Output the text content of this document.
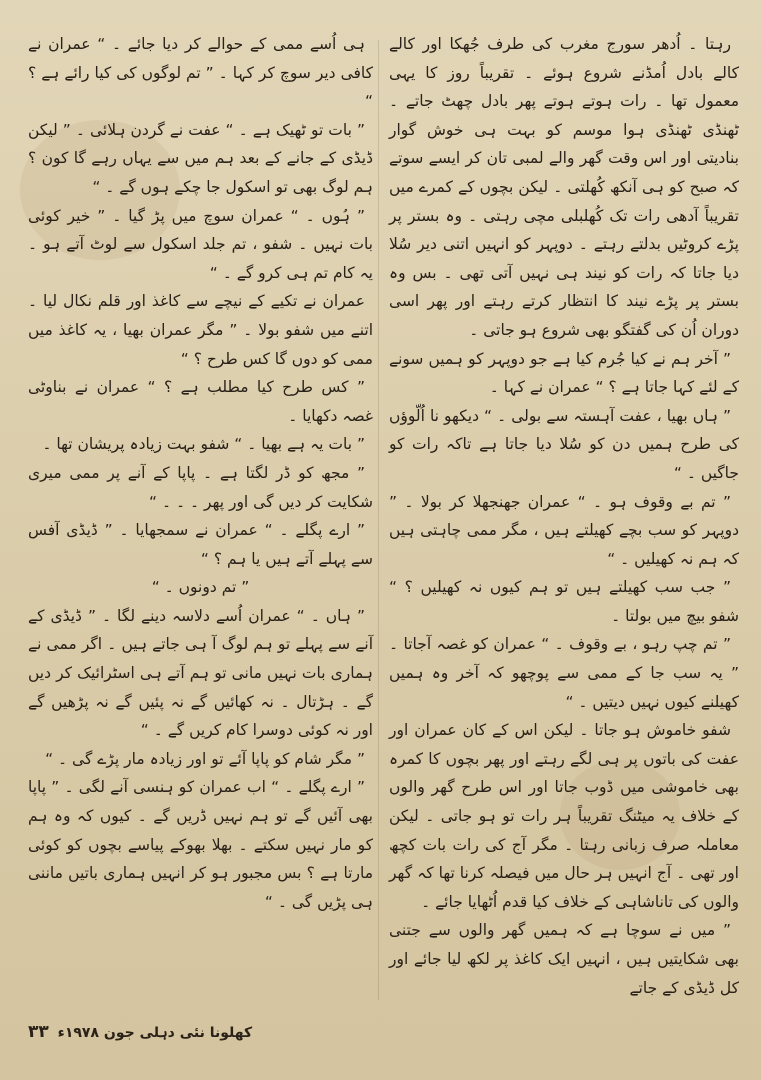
رہتا ۔ اُدھر سورج مغرب کی طرف جُھکا اور کالے کالے بادل اُمڈنے شروع ہوئے ۔ تقریباً روز کا یہی معمول تھا ۔ رات ہوتے ہوتے پھر بادل چھٹ جاتے ۔ ٹھنڈی ٹھنڈی ہوا موسم کو بہت ہی خوش گوار بنادیتی اور اس وقت گھر والے لمبی تان کر ایسے سوتے کہ صبح کو ہی آنکھ کُھلتی ۔ لیکن بچوں کے کمرے میں تقریباً آدھی رات تک کُھلبلی مچی رہتی ۔ وہ بستر پر پڑے کروٹیں بدلتے رہتے ۔ دوپہر کو انہیں اتنی دیر سُلا دیا جاتا کہ رات کو نیند ہی نہیں آتی تھی ۔ بس وہ بستر پر پڑے نیند کا انتظار کرتے رہتے اور پھر اسی دوران اُن کی گفتگو بھی شروع ہو جاتی ۔

” آخر ہم نے کیا جُرم کیا ہے جو دوپہر کو ہمیں سونے کے لئے کہا جاتا ہے ؟ “ عمران نے کہا ۔

” ہاں بھیا ، عفت آہستہ سے بولی ۔ “ دیکھو نا اُلّوؤں کی طرح ہمیں دن کو سُلا دیا جاتا ہے تاکہ رات کو جاگیں ۔ “

” تم بے وقوف ہو ۔ “ عمران جھنجھلا کر بولا ۔ ” دوپہر کو سب بچے کھیلتے ہیں ، مگر ممی چاہتی ہیں کہ ہم نہ کھیلیں ۔ “

” جب سب کھیلتے ہیں تو ہم کیوں نہ کھیلیں ؟ “ شفو بیچ میں بولتا ۔

” تم چپ رہو ، بے وقوف ۔ “ عمران کو غصہ آجاتا ۔ ” یہ سب جا کے ممی سے پوچھو کہ آخر وہ ہمیں کھیلنے کیوں نہیں دیتیں ۔ “

شفو خاموش ہو جاتا ۔ لیکن اس کے کان عمران اور عفت کی باتوں پر ہی لگے رہتے اور پھر بچوں کا کمرہ بھی خاموشی میں ڈوب جاتا اور اس طرح گھر والوں کے خلاف یہ میٹنگ تقریباً ہر رات تو ہو جاتی ۔ لیکن معاملہ صرف زبانی رہتا ۔ مگر آج کی رات بات کچھ اور تھی ۔ آج انہیں ہر حال میں فیصلہ کرنا تھا کہ گھر والوں کی تاناشاہی کے خلاف کیا قدم اُٹھایا جائے ۔

” میں نے سوچا ہے کہ ہمیں گھر والوں سے جتنی بھی شکایتیں ہیں ، انہیں ایک کاغذ پر لکھ لیا جائے اور کل ڈیڈی کے جاتے

ہی اُسے ممی کے حوالے کر دیا جائے ۔ “ عمران نے کافی دیر سوچ کر کہا ۔ ” تم لوگوں کی کیا رائے ہے ؟ “

” بات تو ٹھیک ہے ۔ “ عفت نے گردن ہلائی ۔ ” لیکن ڈیڈی کے جانے کے بعد ہم میں سے یہاں رہے گا کون ؟ ہم لوگ بھی تو اسکول جا چکے ہوں گے ۔ “

” ہُوں ۔ “ عمران سوچ میں پڑ گیا ۔ ” خیر کوئی بات نہیں ۔ شفو ، تم جلد اسکول سے لوٹ آتے ہو ۔ یہ کام تم ہی کرو گے ۔ “

عمران نے تکیے کے نیچے سے کاغذ اور قلم نکال لیا ۔ اتنے میں شفو بولا ۔ ” مگر عمران بھیا ، یہ کاغذ میں ممی کو دوں گا کس طرح ؟ “

” کس طرح کیا مطلب ہے ؟ “ عمران نے بناوٹی غصہ دکھایا ۔

” بات یہ ہے بھیا ۔ “ شفو بہت زیادہ پریشان تھا ۔

” مجھ کو ڈر لگتا ہے ۔ پاپا کے آنے پر ممی میری شکایت کر دیں گی اور پھر ۔ ۔ ۔ “

” ارے پگلے ۔ “ عمران نے سمجھایا ۔ ” ڈیڈی آفس سے پہلے آتے ہیں یا ہم ؟ “

” تم دونوں ۔ “

” ہاں ۔ “ عمران اُسے دلاسہ دینے لگا ۔ ” ڈیڈی کے آنے سے پہلے تو ہم لوگ آ ہی جاتے ہیں ۔ اگر ممی نے ہماری بات نہیں مانی تو ہم آتے ہی اسٹرائیک کر دیں گے ۔ ہڑتال ۔ نہ کھائیں گے نہ پئیں گے نہ پڑھیں گے اور نہ کوئی دوسرا کام کریں گے ۔ “

” مگر شام کو پاپا آئے تو اور زیادہ مار پڑے گی ۔ “

” ارے پگلے ۔ “ اب عمران کو ہنسی آنے لگی ۔ ” پاپا بھی آئیں گے تو ہم نہیں ڈریں گے ۔ کیوں کہ وہ ہم کو مار نہیں سکتے ۔ بھلا بھوکے پیاسے بچوں کو کوئی مارتا ہے ؟ بس مجبور ہو کر انہیں ہماری باتیں ماننی ہی پڑیں گی ۔ “

کھلونا نئی دہلی جون ۱۹۷۸ء ۳۳
